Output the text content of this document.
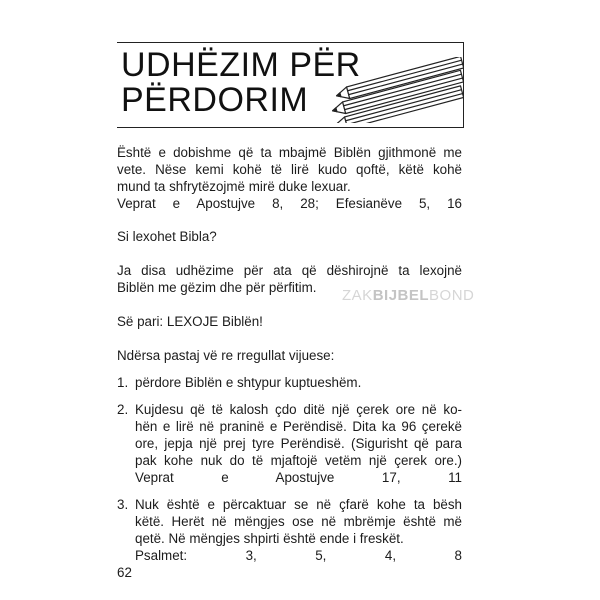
UDHËZIM PËR
PËRDORIM
Është e dobishme që ta mbajmë Biblën gjithmonë me
vete. Nëse kemi kohë të lirë kudo qoftë, këtë kohë
mund ta shfrytëzojmë mirë duke lexuar.
Veprat e Apostujve 8, 28; Efesianëve 5, 16
Si lexohet Bibla?
Ja disa udhëzime për ata që dëshirojnë ta lexojnë
Biblën me gëzim dhe për përfitim.	ZAKBIJBELBOND
Së pari: LEXOJE Biblën!
Ndërsa pastaj vë re rregullat vijuese:
1. përdore Biblën e shtypur kuptueshëm.
2. Kujdesu që të kalosh çdo ditë një çerek ore në ko-
hën e lirë në praninë e Perëndisë. Dita ka 96 çerekë
ore, jepja një prej tyre Perëndisë. (Sigurisht që para
pak kohe nuk do të mjaftojë vetëm një çerek ore.)
Veprat e Apostujve 17, 11
3. Nuk është e përcaktuar se në çfarë kohe ta bësh
këtë. Herët në mëngjes ose në mbrëmje është më
qetë. Në mëngjes shpirti është ende i freskët.
Psalmet: 3, 5, 4, 8
62
